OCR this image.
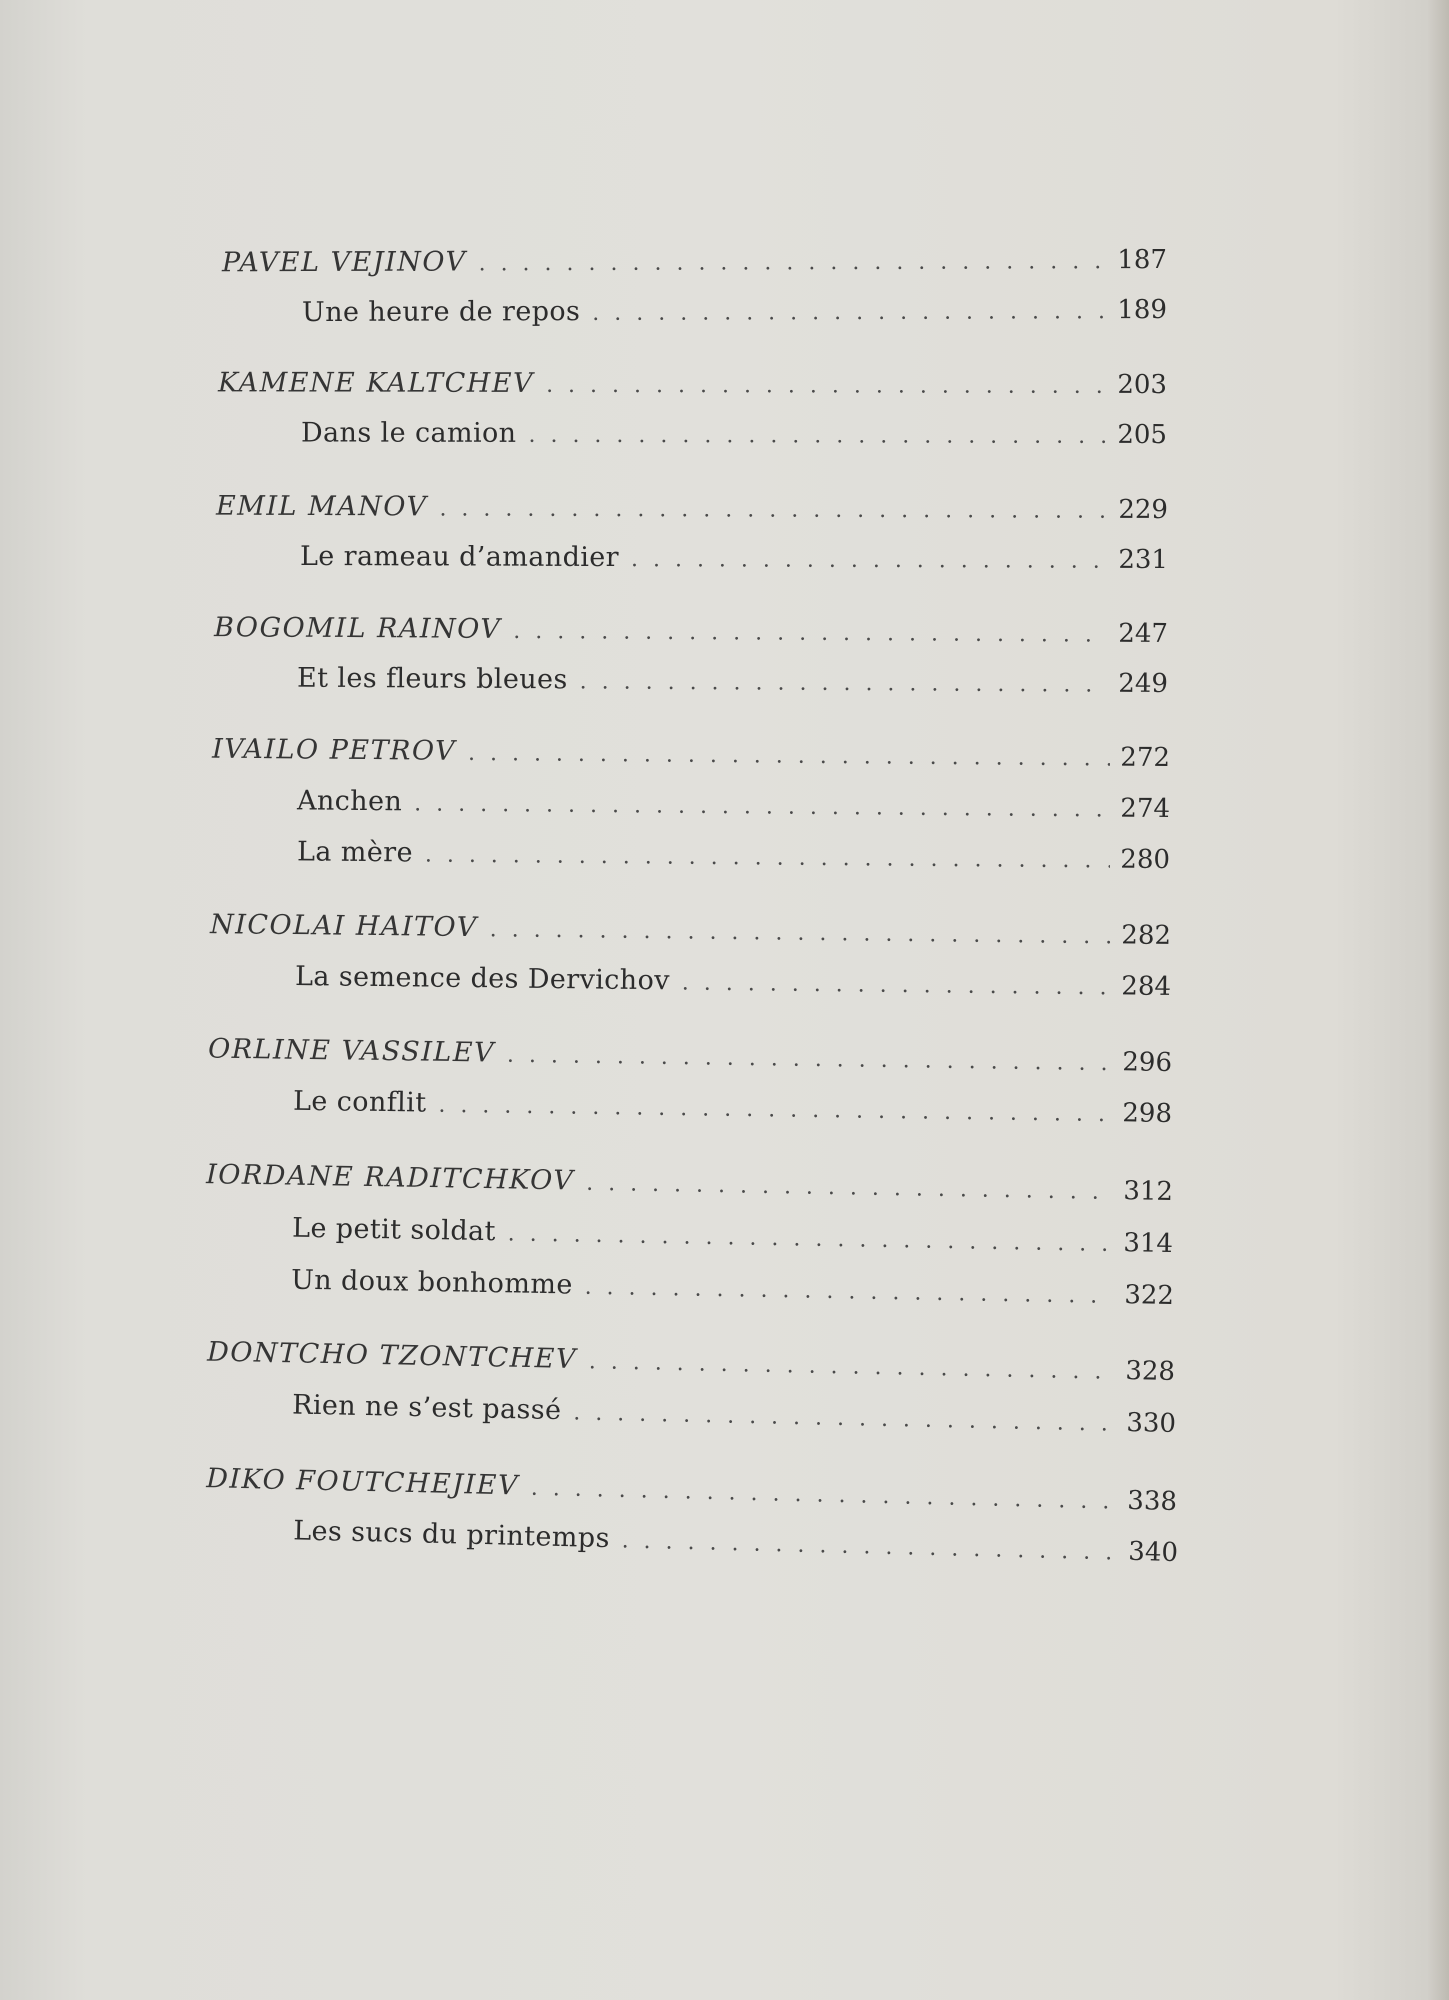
PAVEL VEJINOV . . .	187
Une heure de repos . . .	189
KAMENE KALTCHEV . . .	203
Dans le camion . . .	205
EMIL MANOV . . .	229
Le rameau d’amandier . . .	231
BOGOMIL RAINOV . . .	247
Et les fleurs bleues . . .	249
IVAILO PETROV . . .	272
Anchen . . .	274
La mère . . .	280
NICOLAI HAITOV . . .	282
La semence des Dervichov . . .	284
ORLINE VASSILEV . . .	296
Le conflit . . .	298
IORDANE RADITCHKOV . . .	312
Le petit soldat . . .	314
Un doux bonhomme . . .	322
DONTCHO TZONTCHEV . . .	328
Rien ne s’est passé . . .	330
DIKO FOUTCHEJIEV . . .	338
Les sucs du printemps . . .	340
